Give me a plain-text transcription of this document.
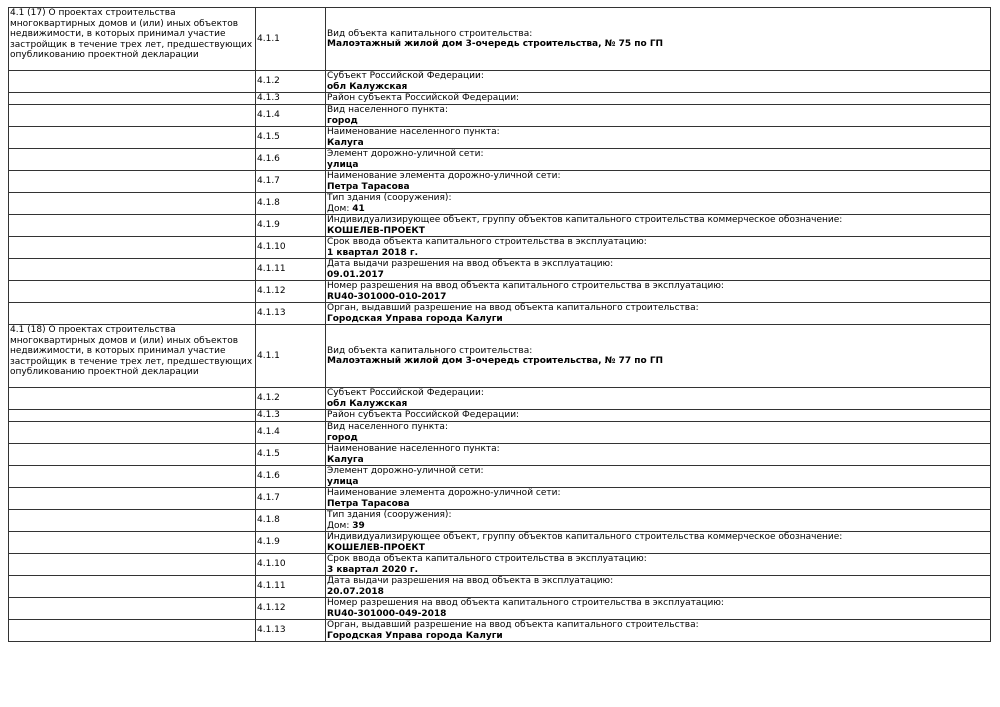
4.1 (17) О проектах строительства многоквартирных домов и (или) иных объектов недвижимости, в которых принимал участие застройщик в течение трех лет, предшествующих опубликованию проектной декларации	4.1.1	Вид объекта капитального строительства:
Малоэтажный жилой дом 3-очередь строительства, № 75 по ГП

	4.1.2	Субъект Российской Федерации:
обл Калужская

	4.1.3	Район субъекта Российской Федерации:

	4.1.4	Вид населенного пункта:
город

	4.1.5	Наименование населенного пункта:
Калуга

	4.1.6	Элемент дорожно-уличной сети:
улица

	4.1.7	Наименование элемента дорожно-уличной сети:
Петра Тарасова

	4.1.8	Тип здания (сооружения):
Дом: 41

	4.1.9	Индивидуализирующее объект, группу объектов капитального строительства коммерческое обозначение:
КОШЕЛЕВ-ПРОЕКТ

	4.1.10	Срок ввода объекта капитального строительства в эксплуатацию:
1 квартал 2018 г.

	4.1.11	Дата выдачи разрешения на ввод объекта в эксплуатацию:
09.01.2017

	4.1.12	Номер разрешения на ввод объекта капитального строительства в эксплуатацию:
RU40-301000-010-2017

	4.1.13	Орган, выдавший разрешение на ввод объекта капитального строительства:
Городская Управа города Калуги

4.1 (18) О проектах строительства многоквартирных домов и (или) иных объектов недвижимости, в которых принимал участие застройщик в течение трех лет, предшествующих опубликованию проектной декларации	4.1.1	Вид объекта капитального строительства:
Малоэтажный жилой дом 3-очередь строительства, № 77 по ГП

	4.1.2	Субъект Российской Федерации:
обл Калужская

	4.1.3	Район субъекта Российской Федерации:

	4.1.4	Вид населенного пункта:
город

	4.1.5	Наименование населенного пункта:
Калуга

	4.1.6	Элемент дорожно-уличной сети:
улица

	4.1.7	Наименование элемента дорожно-уличной сети:
Петра Тарасова

	4.1.8	Тип здания (сооружения):
Дом: 39

	4.1.9	Индивидуализирующее объект, группу объектов капитального строительства коммерческое обозначение:
КОШЕЛЕВ-ПРОЕКТ

	4.1.10	Срок ввода объекта капитального строительства в эксплуатацию:
3 квартал 2020 г.

	4.1.11	Дата выдачи разрешения на ввод объекта в эксплуатацию:
20.07.2018

	4.1.12	Номер разрешения на ввод объекта капитального строительства в эксплуатацию:
RU40-301000-049-2018

	4.1.13	Орган, выдавший разрешение на ввод объекта капитального строительства:
Городская Управа города Калуги
